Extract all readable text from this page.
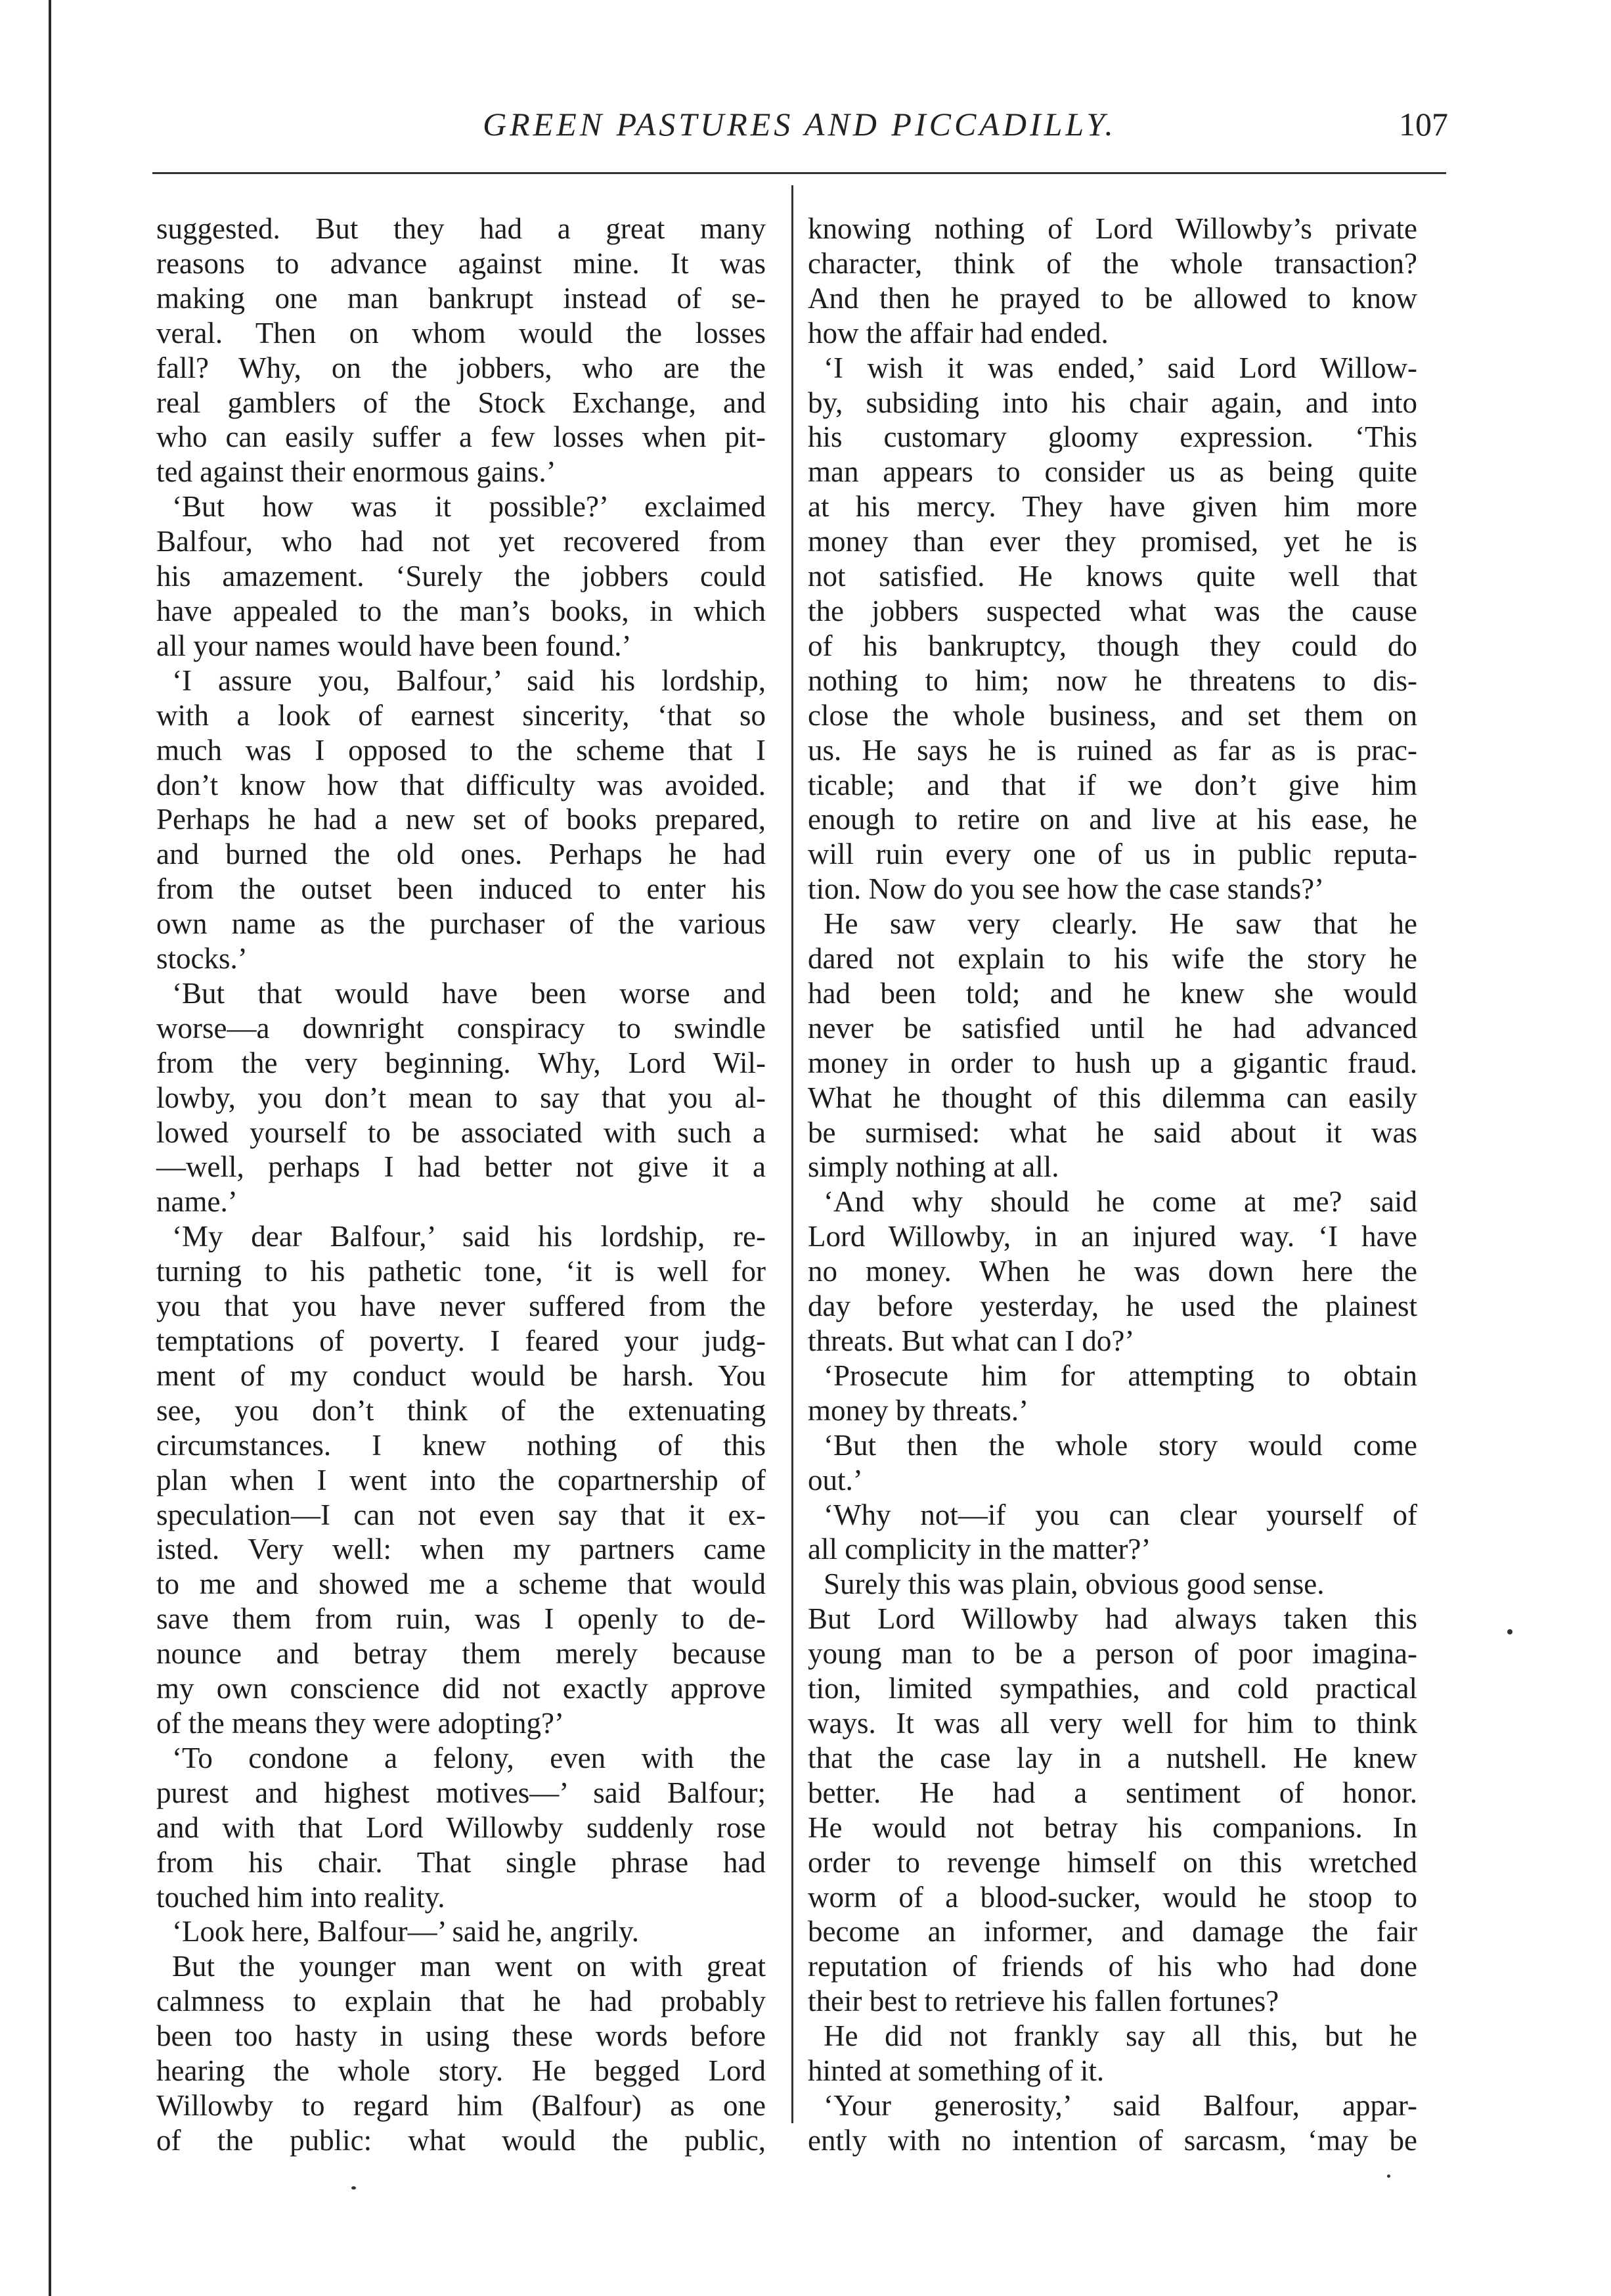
GREEN PASTURES AND PICCADILLY.	107
suggested. But they had a great many
reasons to advance against mine. It was
making one man bankrupt instead of se-
veral. Then on whom would the losses
fall? Why, on the jobbers, who are the
real gamblers of the Stock Exchange, and
who can easily suffer a few losses when pit-
ted against their enormous gains.’
‘But how was it possible?’ exclaimed
Balfour, who had not yet recovered from
his amazement. ‘Surely the jobbers could
have appealed to the man’s books, in which
all your names would have been found.’
‘I assure you, Balfour,’ said his lordship,
with a look of earnest sincerity, ‘that so
much was I opposed to the scheme that I
don’t know how that difficulty was avoided.
Perhaps he had a new set of books prepared,
and burned the old ones. Perhaps he had
from the outset been induced to enter his
own name as the purchaser of the various
stocks.’
‘But that would have been worse and
worse—a downright conspiracy to swindle
from the very beginning. Why, Lord Wil-
lowby, you don’t mean to say that you al-
lowed yourself to be associated with such a
—well, perhaps I had better not give it a
name.’
‘My dear Balfour,’ said his lordship, re-
turning to his pathetic tone, ‘it is well for
you that you have never suffered from the
temptations of poverty. I feared your judg-
ment of my conduct would be harsh. You
see, you don’t think of the extenuating
circumstances. I knew nothing of this
plan when I went into the copartnership of
speculation—I can not even say that it ex-
isted. Very well: when my partners came
to me and showed me a scheme that would
save them from ruin, was I openly to de-
nounce and betray them merely because
my own conscience did not exactly approve
of the means they were adopting?’
‘To condone a felony, even with the
purest and highest motives—’ said Balfour;
and with that Lord Willowby suddenly rose
from his chair. That single phrase had
touched him into reality.
‘Look here, Balfour—’ said he, angrily.
But the younger man went on with great
calmness to explain that he had probably
been too hasty in using these words before
hearing the whole story. He begged Lord
Willowby to regard him (Balfour) as one
of the public: what would the public,
knowing nothing of Lord Willowby’s private
character, think of the whole transaction?
And then he prayed to be allowed to know
how the affair had ended.
‘I wish it was ended,’ said Lord Willow-
by, subsiding into his chair again, and into
his customary gloomy expression. ‘This
man appears to consider us as being quite
at his mercy. They have given him more
money than ever they promised, yet he is
not satisfied. He knows quite well that
the jobbers suspected what was the cause
of his bankruptcy, though they could do
nothing to him; now he threatens to dis-
close the whole business, and set them on
us. He says he is ruined as far as is prac-
ticable; and that if we don’t give him
enough to retire on and live at his ease, he
will ruin every one of us in public reputa-
tion. Now do you see how the case stands?’
He saw very clearly. He saw that he
dared not explain to his wife the story he
had been told; and he knew she would
never be satisfied until he had advanced
money in order to hush up a gigantic fraud.
What he thought of this dilemma can easily
be surmised: what he said about it was
simply nothing at all.
‘And why should he come at me? said
Lord Willowby, in an injured way. ‘I have
no money. When he was down here the
day before yesterday, he used the plainest
threats. But what can I do?’
‘Prosecute him for attempting to obtain
money by threats.’
‘But then the whole story would come
out.’
‘Why not—if you can clear yourself of
all complicity in the matter?’
Surely this was plain, obvious good sense.
But Lord Willowby had always taken this
young man to be a person of poor imagina-
tion, limited sympathies, and cold practical
ways. It was all very well for him to think
that the case lay in a nutshell. He knew
better. He had a sentiment of honor.
He would not betray his companions. In
order to revenge himself on this wretched
worm of a blood-sucker, would he stoop to
become an informer, and damage the fair
reputation of friends of his who had done
their best to retrieve his fallen fortunes?
He did not frankly say all this, but he
hinted at something of it.
‘Your generosity,’ said Balfour, appar-
ently with no intention of sarcasm, ‘may be
